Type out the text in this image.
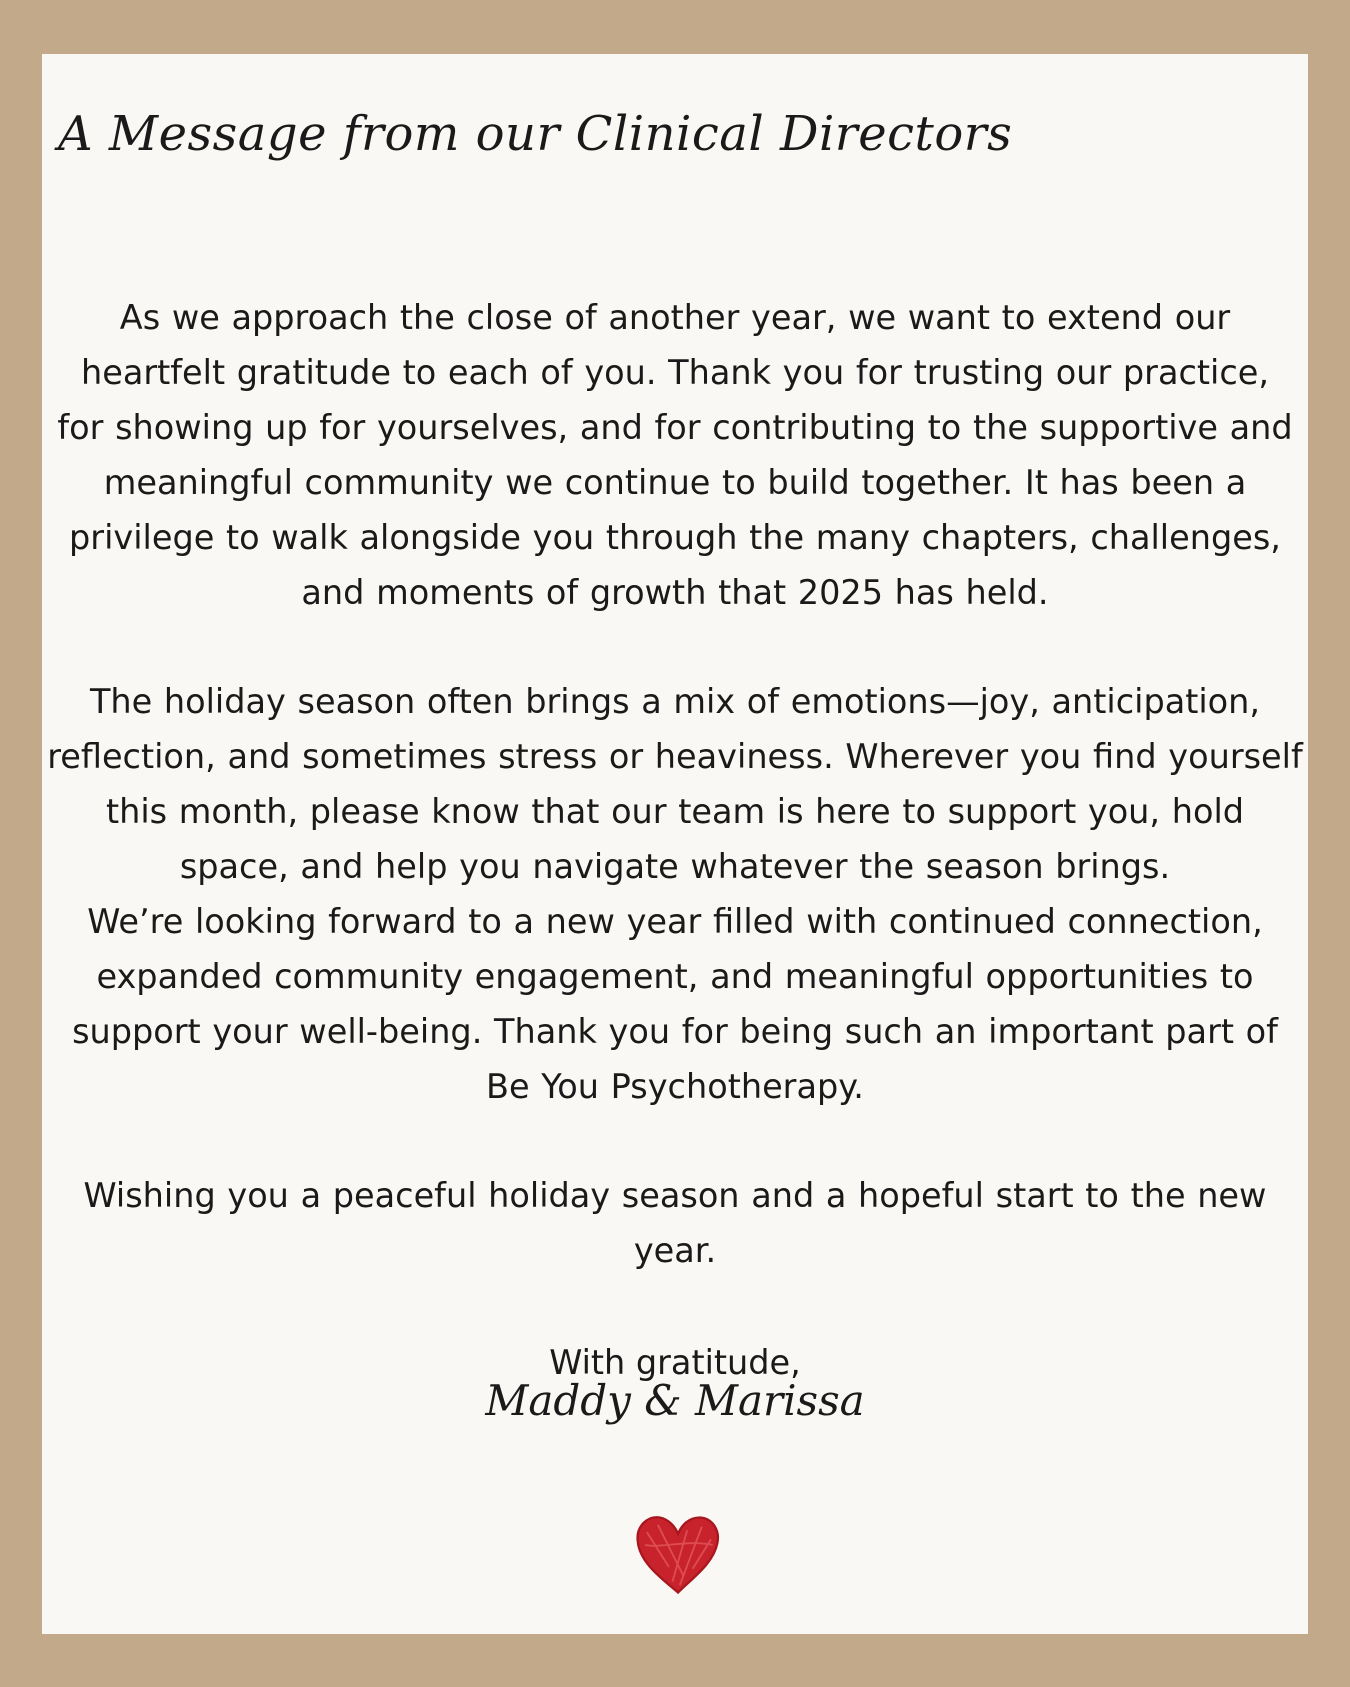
A Message from our Clinical Directors

As we approach the close of another year, we want to extend our
heartfelt gratitude to each of you. Thank you for trusting our practice,
for showing up for yourselves, and for contributing to the supportive and
meaningful community we continue to build together. It has been a
privilege to walk alongside you through the many chapters, challenges,
and moments of growth that 2025 has held.

The holiday season often brings a mix of emotions—joy, anticipation,
reflection, and sometimes stress or heaviness. Wherever you find yourself
this month, please know that our team is here to support you, hold
space, and help you navigate whatever the season brings.
We’re looking forward to a new year filled with continued connection,
expanded community engagement, and meaningful opportunities to
support your well-being. Thank you for being such an important part of
Be You Psychotherapy.

Wishing you a peaceful holiday season and a hopeful start to the new
year.

With gratitude,

Maddy & Marissa
